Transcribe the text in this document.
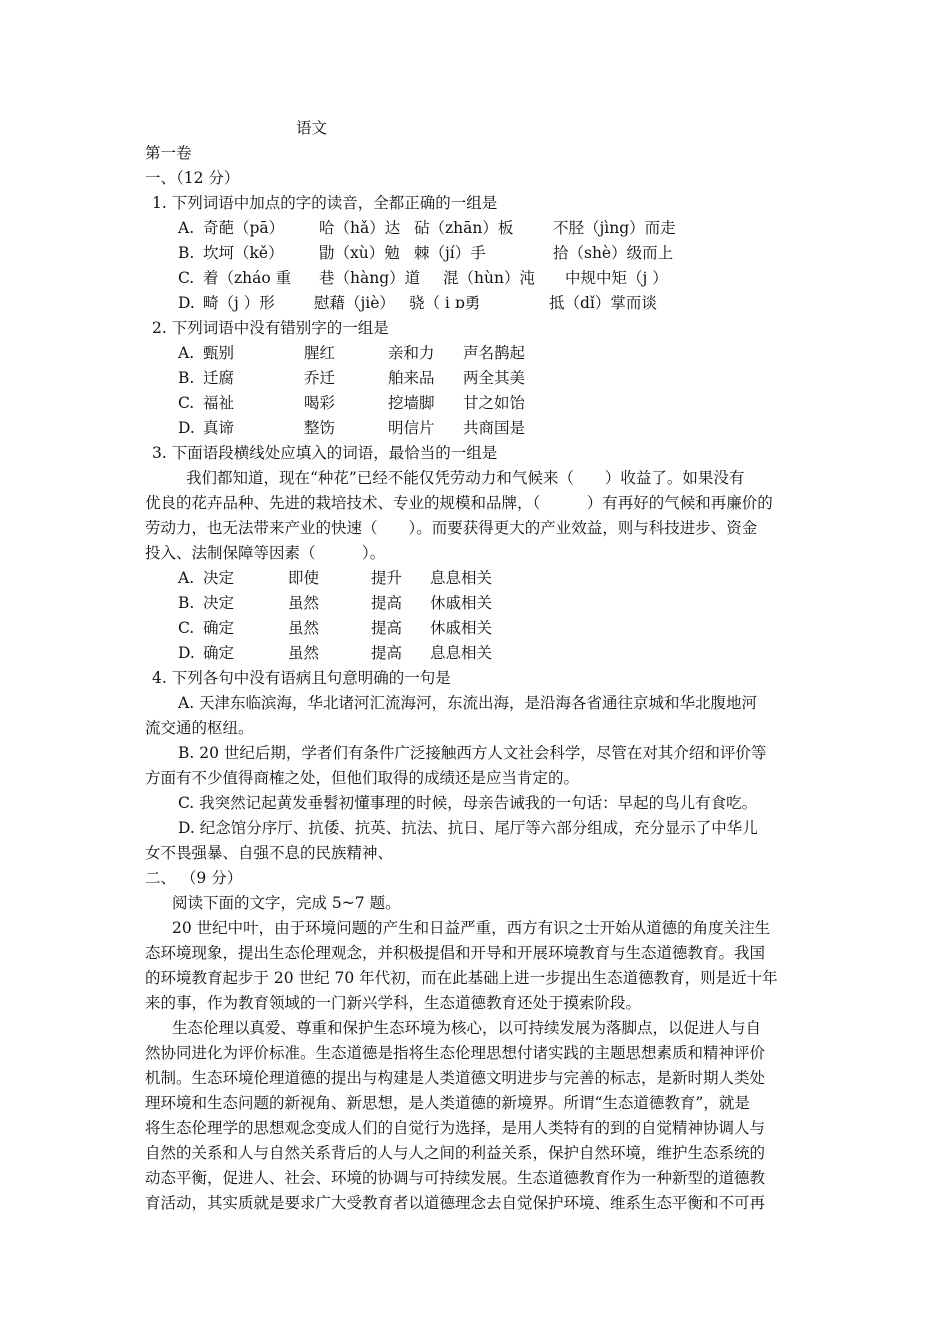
语文
第一卷
一、（12 分）
1. 下列词语中加点的字的读音，全都正确的一组是
A. 奇葩（pā） 哈（hǎ）达 砧（zhān）板	不胫（jìng）而走
B. 坎坷（kě） 勖（xù）勉 棘（jí）手	拾（shè）级而上
C. 着（zháo 重 巷（hàng）道 混（hùn）沌 中规中矩（j ）
D. 畸（j ）形	慰藉（jiè） 骁（ i ɒ勇	抵（dǐ）掌而谈
2. 下列词语中没有错别字的一组是
A. 甄别	腥红	亲和力 声名鹊起
B. 迁腐	乔迁	舶来品 两全其美
C. 福祉	喝彩	挖墙脚 甘之如饴
D. 真谛	整饬	明信片 共商国是
3. 下面语段横线处应填入的词语，最恰当的一组是
我们都知道，现在“种花”已经不能仅凭劳动力和气候来（　　）收益了。如果没有
优良的花卉品种、先进的栽培技术、专业的规模和品牌，（　　　）有再好的气候和再廉价的
劳动力，也无法带来产业的快速（　　）。而要获得更大的产业效益，则与科技进步、资金
投入、法制保障等因素（　　　）。
A. 决定	即使	提升 息息相关
B. 决定	虽然	提高 休戚相关
C. 确定	虽然	提高 休戚相关
D. 确定	虽然	提高 息息相关
4. 下列各句中没有语病且句意明确的一句是
A. 天津东临滨海，华北诸河汇流海河，东流出海，是沿海各省通往京城和华北腹地河
流交通的枢纽。
B. 20 世纪后期，学者们有条件广泛接触西方人文社会科学，尽管在对其介绍和评价等
方面有不少值得商榷之处，但他们取得的成绩还是应当肯定的。
C. 我突然记起黄发垂髫初懂事理的时候，母亲告诫我的一句话：早起的鸟儿有食吃。
D. 纪念馆分序厅、抗倭、抗英、抗法、抗日、尾厅等六部分组成，充分显示了中华儿
女不畏强暴、自强不息的民族精神、
二、 （9 分）
阅读下面的文字，完成 5~7 题。
20 世纪中叶，由于环境问题的产生和日益严重，西方有识之士开始从道德的角度关注生
态环境现象，提出生态伦理观念，并积极提倡和开导和开展环境教育与生态道德教育。我国
的环境教育起步于 20 世纪 70 年代初，而在此基础上进一步提出生态道德教育，则是近十年
来的事，作为教育领域的一门新兴学科，生态道德教育还处于摸索阶段。
生态伦理以真爱、尊重和保护生态环境为核心，以可持续发展为落脚点，以促进人与自
然协同进化为评价标准。生态道德是指将生态伦理思想付诸实践的主题思想素质和精神评价
机制。生态环境伦理道德的提出与构建是人类道德文明进步与完善的标志，是新时期人类处
理环境和生态问题的新视角、新思想，是人类道德的新境界。所谓“生态道德教育”，就是
将生态伦理学的思想观念变成人们的自觉行为选择，是用人类特有的到的自觉精神协调人与
自然的关系和人与自然关系背后的人与人之间的利益关系，保护自然环境，维护生态系统的
动态平衡，促进人、社会、环境的协调与可持续发展。生态道德教育作为一种新型的道德教
育活动，其实质就是要求广大受教育者以道德理念去自觉保护环境、维系生态平衡和不可再
